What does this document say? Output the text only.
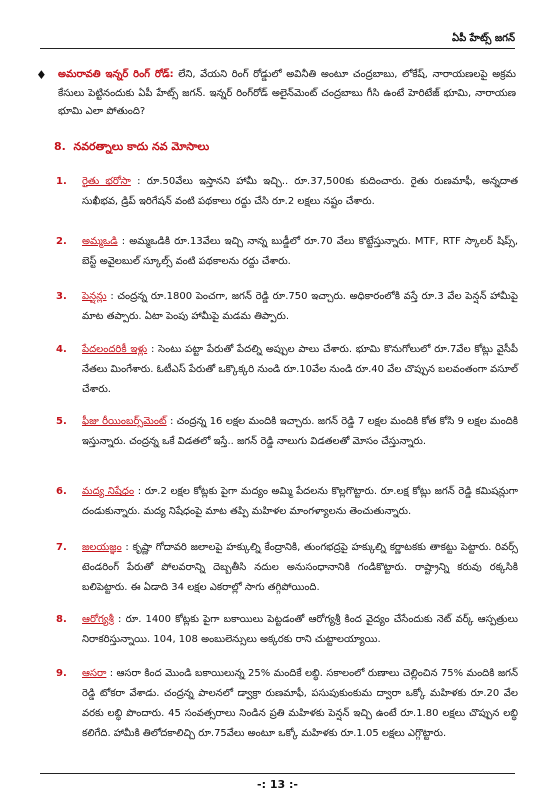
ఏపీ హేట్స్ జగన్
♦ అమరావతి ఇన్నర్ రింగ్ రోడ్: లేని, వేయని రింగ్ రోడ్డులో అవినీతి అంటూ చంద్రబాబు, లోకేష్, నారాయణలపై అక్రమ కేసులు పెట్టినందుకు ఏపీ హేట్స్ జగన్. ఇన్నర్ రింగ్‌రోడ్ అలైన్‌మెంట్ చంద్రబాబు గీసి ఉంటే హెరిటేజ్ భూమి, నారాయణ భూమి ఎలా పోతుంది?
8. నవరత్నాలు కాదు నవ మోసాలు
1. రైతు భరోసా : రూ.50వేలు ఇస్తానని హామీ ఇచ్చి.. రూ.37,500కు కుదించారు. రైతు రుణమాఫీ, అన్నదాత సుఖీభవ, డ్రిప్ ఇరిగేషన్ వంటి పథకాలు రద్దు చేసి రూ.2 లక్షలు నష్టం చేశారు.
2. అమ్మఒడి : అమ్మఒడికి రూ.13వేలు ఇచ్చి నాన్న బుడ్డీలో రూ.70 వేలు కొట్టేస్తున్నారు. MTF, RTF స్కాలర్ షిప్స్, బెస్ట్ అవైలబుల్ స్కూల్స్ వంటి పథకాలను రద్దు చేశారు.
3. పెన్షన్లు : చంద్రన్న రూ.1800 పెంచగా, జగన్ రెడ్డి రూ.750 ఇచ్చారు. అధికారంలోకి వస్తే రూ.3 వేల పెన్షన్ హామీపై మాట తప్పారు. ఏటా పెంపు హామీపై మడమ తిప్పారు.
4. పేదలందరికీ ఇళ్లు : సెంటు పట్టా పేరుతో పేదల్ని అప్పుల పాలు చేశారు. భూమి కొనుగోలులో రూ.7వేల కోట్లు వైసీపీ నేతలు మింగేశారు. ఓటీఎస్ పేరుతో ఒక్కొక్కరి నుండి రూ.10వేల నుండి రూ.40 వేల చొప్పున బలవంతంగా వసూల్ చేశారు.
5. ఫీజు రీయింబర్స్‌మెంట్ : చంద్రన్న 16 లక్షల మందికి ఇచ్చారు. జగన్ రెడ్డి 7 లక్షల మందికి కోత కోసి 9 లక్షల మందికి ఇస్తున్నారు. చంద్రన్న ఒకే విడతలో ఇస్తే.. జగన్ రెడ్డి నాలుగు విడతలతో మోసం చేస్తున్నారు.
6. మద్య నిషేధం : రూ.2 లక్షల కోట్లకు పైగా మద్యం అమ్మి పేదలను కొల్లగొట్టారు. రూ.లక్ష కోట్లు జగన్ రెడ్డి కమిషన్లుగా దండుకున్నారు. మద్య నిషేధంపై మాట తప్పి మహిళల మాంగళ్యాలను తెంచుతున్నారు.
7. జలయజ్ఞం : కృష్ణా గోదావరి జలాలపై హక్కుల్ని కేంద్రానికి, తుంగభద్రపై హక్కుల్ని కర్ణాటకకు తాకట్టు పెట్టారు. రివర్స్ టెండరింగ్ పేరుతో పోలవరాన్ని దెబ్బతీసి నదుల అనుసంధానానికి గండికొట్టారు. రాష్ట్రాన్ని కరువు రక్కసికి బలిపెట్టారు. ఈ ఏడాది 34 లక్షల ఎకరాల్లో సాగు తగ్గిపోయింది.
8. ఆరోగ్యశ్రీ : రూ. 1400 కోట్లకు పైగా బకాయిలు పెట్టడంతో ఆరోగ్యశ్రీ కింద వైద్యం చేసేందుకు నెట్ వర్క్ ఆస్పత్రులు నిరాకరిస్తున్నాయి. 104, 108 అంబులెన్సులు అక్కరకు రాని చుట్టాలయ్యాయి.
9. ఆసరా : ఆసరా కింద మొండి బకాయిలున్న 25% మందికే లబ్ధి. సకాలంలో రుణాలు చెల్లించిన 75% మందికి జగన్ రెడ్డి టోకరా వేశాడు. చంద్రన్న పాలనలో డ్వాక్రా రుణమాఫీ, పసుపుకుంకుమ ద్వారా ఒక్కో మహిళకు రూ.20 వేల వరకు లబ్ధి పొందారు. 45 సంవత్సరాలు నిండిన ప్రతి మహిళకు పెన్షన్ ఇచ్చి ఉంటే రూ.1.80 లక్షలు చొప్పున లబ్ధి కలిగేది. హామీకి తిలోదకాలిచ్చి రూ.75వేలు అంటూ ఒక్కో మహిళకు రూ.1.05 లక్షలు ఎగ్గొట్టారు.
-: 13 :-
